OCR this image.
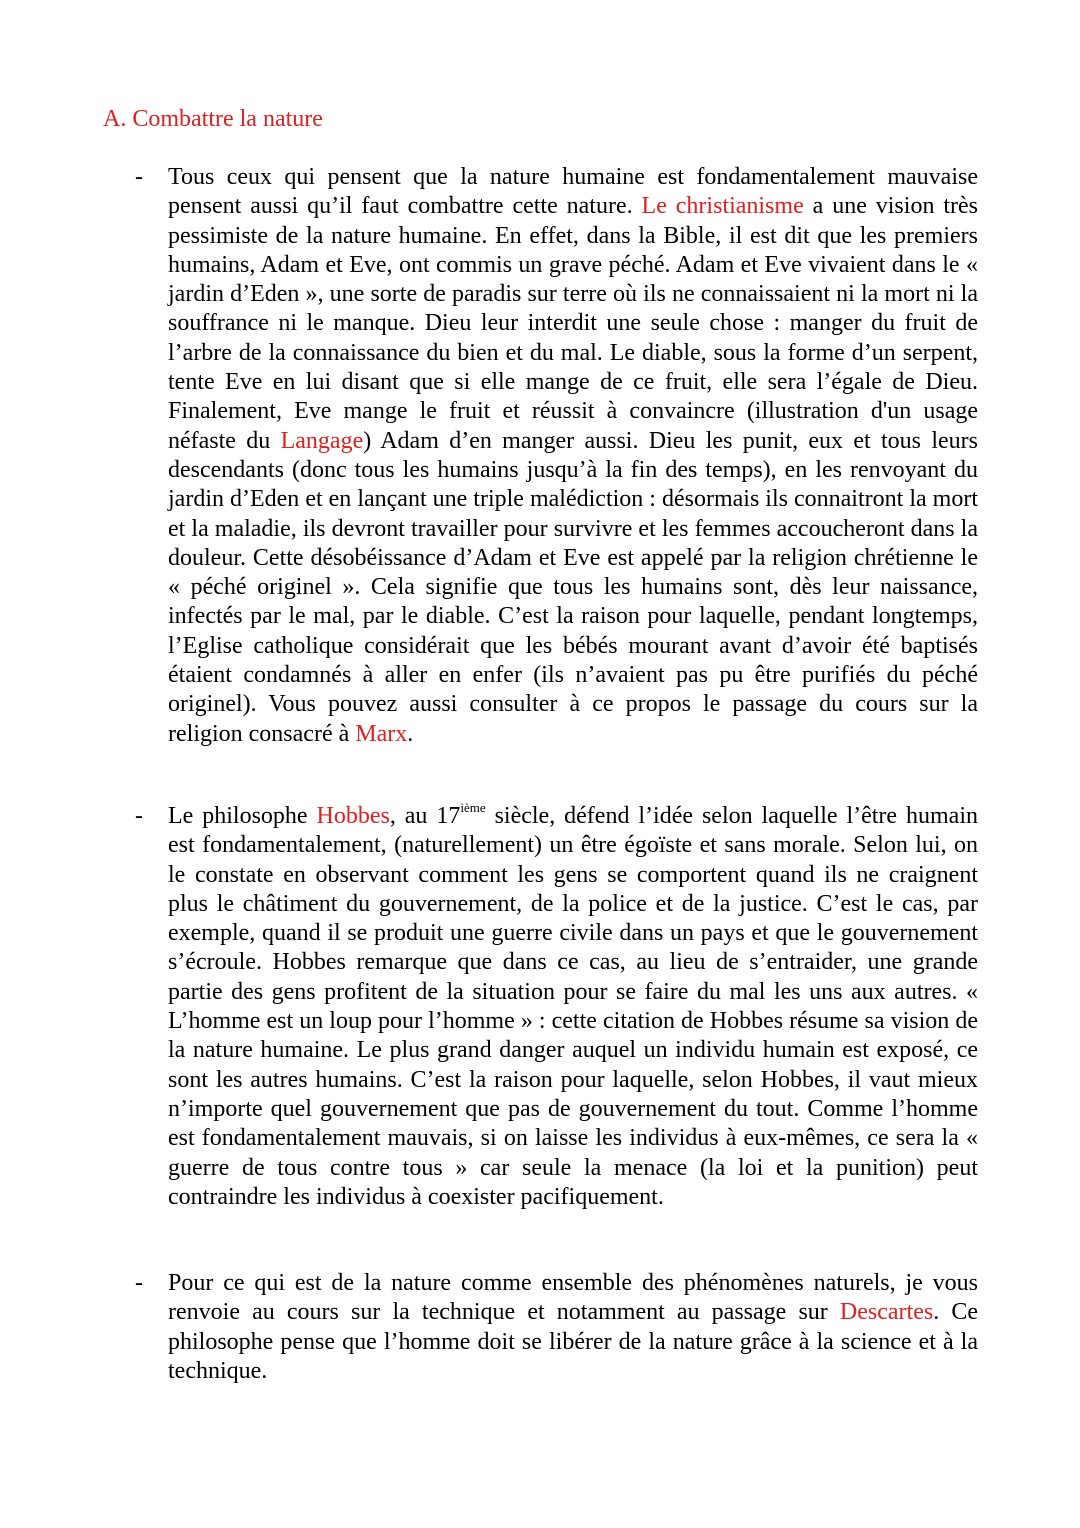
A. Combattre la nature
- Tous ceux qui pensent que la nature humaine est fondamentalement mauvaise pensent aussi qu’il faut combattre cette nature. Le christianisme a une vision très pessimiste de la nature humaine. En effet, dans la Bible, il est dit que les premiers humains, Adam et Eve, ont commis un grave péché. Adam et Eve vivaient dans le « jardin d’Eden », une sorte de paradis sur terre où ils ne connaissaient ni la mort ni la souffrance ni le manque. Dieu leur interdit une seule chose : manger du fruit de l’arbre de la connaissance du bien et du mal. Le diable, sous la forme d’un serpent, tente Eve en lui disant que si elle mange de ce fruit, elle sera l’égale de Dieu. Finalement, Eve mange le fruit et réussit à convaincre (illustration d'un usage néfaste du Langage) Adam d’en manger aussi. Dieu les punit, eux et tous leurs descendants (donc tous les humains jusqu’à la fin des temps), en les renvoyant du jardin d’Eden et en lançant une triple malédiction : désormais ils connaitront la mort et la maladie, ils devront travailler pour survivre et les femmes accoucheront dans la douleur. Cette désobéissance d’Adam et Eve est appelé par la religion chrétienne le « péché originel ». Cela signifie que tous les humains sont, dès leur naissance, infectés par le mal, par le diable. C’est la raison pour laquelle, pendant longtemps, l’Eglise catholique considérait que les bébés mourant avant d’avoir été baptisés étaient condamnés à aller en enfer (ils n’avaient pas pu être purifiés du péché originel). Vous pouvez aussi consulter à ce propos le passage du cours sur la religion consacré à Marx.
- Le philosophe Hobbes, au 17ième siècle, défend l’idée selon laquelle l’être humain est fondamentalement, (naturellement) un être égoïste et sans morale. Selon lui, on le constate en observant comment les gens se comportent quand ils ne craignent plus le châtiment du gouvernement, de la police et de la justice. C’est le cas, par exemple, quand il se produit une guerre civile dans un pays et que le gouvernement s’écroule. Hobbes remarque que dans ce cas, au lieu de s’entraider, une grande partie des gens profitent de la situation pour se faire du mal les uns aux autres. « L’homme est un loup pour l’homme » : cette citation de Hobbes résume sa vision de la nature humaine. Le plus grand danger auquel un individu humain est exposé, ce sont les autres humains. C’est la raison pour laquelle, selon Hobbes, il vaut mieux n’importe quel gouvernement que pas de gouvernement du tout. Comme l’homme est fondamentalement mauvais, si on laisse les individus à eux-mêmes, ce sera la « guerre de tous contre tous » car seule la menace (la loi et la punition) peut contraindre les individus à coexister pacifiquement.
- Pour ce qui est de la nature comme ensemble des phénomènes naturels, je vous renvoie au cours sur la technique et notamment au passage sur Descartes. Ce philosophe pense que l’homme doit se libérer de la nature grâce à la science et à la technique.
